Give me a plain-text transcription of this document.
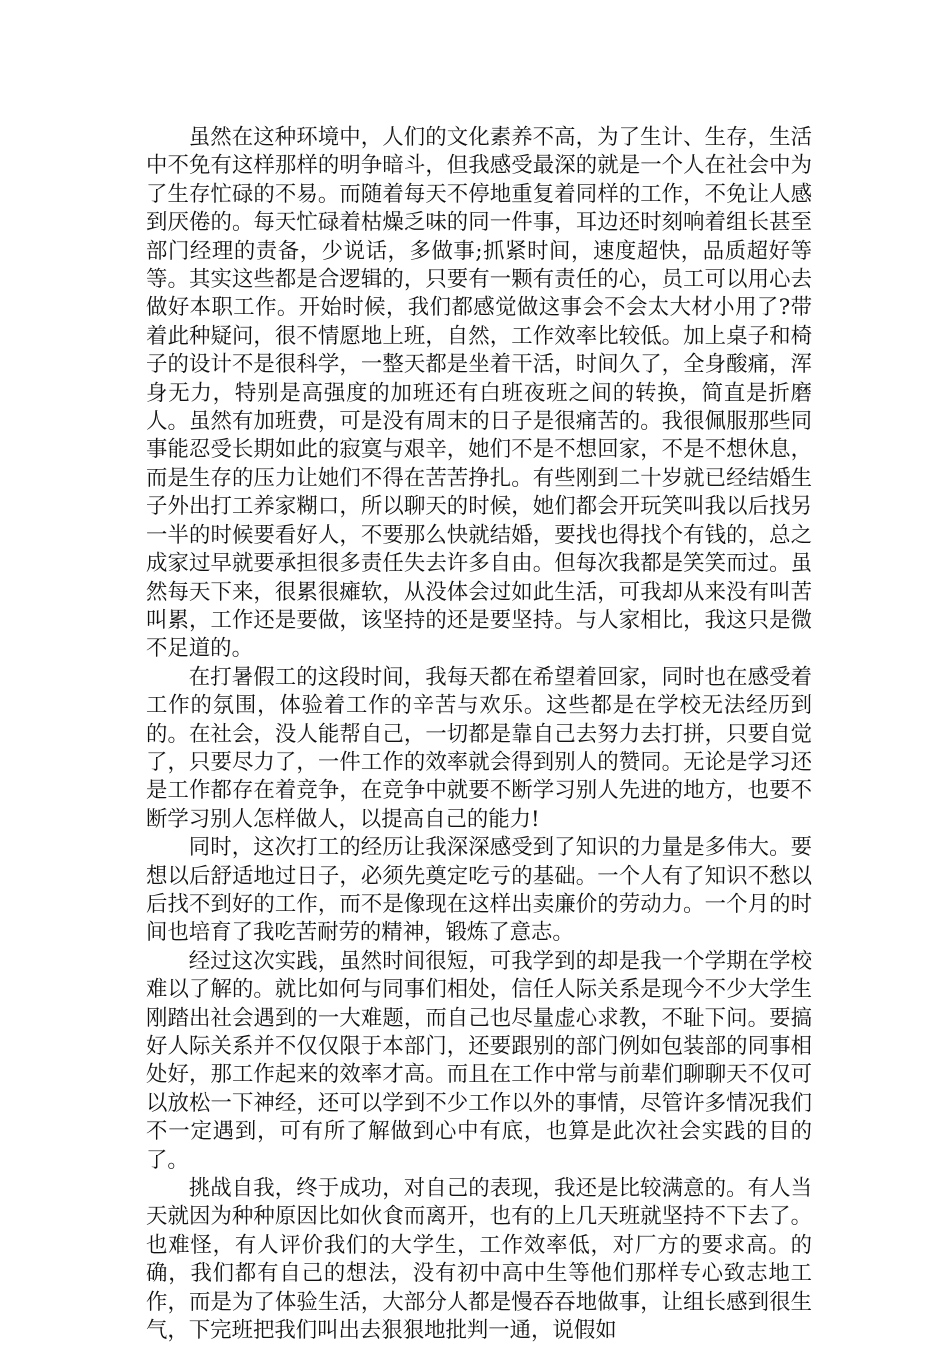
虽然在这种环境中，人们的文化素养不高，为了生计、生存，生活中不免有这样那样的明争暗斗，但我感受最深的就是一个人在社会中为了生存忙碌的不易。而随着每天不停地重复着同样的工作，不免让人感到厌倦的。每天忙碌着枯燥乏味的同一件事，耳边还时刻响着组长甚至部门经理的责备，少说话，多做事;抓紧时间，速度超快，品质超好等等。其实这些都是合逻辑的，只要有一颗有责任的心，员工可以用心去做好本职工作。开始时候，我们都感觉做这事会不会太大材小用了?带着此种疑问，很不情愿地上班，自然，工作效率比较低。加上桌子和椅子的设计不是很科学，一整天都是坐着干活，时间久了，全身酸痛，浑身无力，特别是高强度的加班还有白班夜班之间的转换，简直是折磨人。虽然有加班费，可是没有周末的日子是很痛苦的。我很佩服那些同事能忍受长期如此的寂寞与艰辛，她们不是不想回家，不是不想休息，而是生存的压力让她们不得在苦苦挣扎。有些刚到二十岁就已经结婚生子外出打工养家糊口，所以聊天的时候，她们都会开玩笑叫我以后找另一半的时候要看好人，不要那么快就结婚，要找也得找个有钱的，总之成家过早就要承担很多责任失去许多自由。但每次我都是笑笑而过。虽然每天下来，很累很瘫软，从没体会过如此生活，可我却从来没有叫苦叫累，工作还是要做，该坚持的还是要坚持。与人家相比，我这只是微不足道的。

在打暑假工的这段时间，我每天都在希望着回家，同时也在感受着工作的氛围，体验着工作的辛苦与欢乐。这些都是在学校无法经历到的。在社会，没人能帮自己，一切都是靠自己去努力去打拼，只要自觉了，只要尽力了，一件工作的效率就会得到别人的赞同。无论是学习还是工作都存在着竞争，在竞争中就要不断学习别人先进的地方，也要不断学习别人怎样做人，以提高自己的能力!

同时，这次打工的经历让我深深感受到了知识的力量是多伟大。要想以后舒适地过日子，必须先奠定吃亏的基础。一个人有了知识不愁以后找不到好的工作，而不是像现在这样出卖廉价的劳动力。一个月的时间也培育了我吃苦耐劳的精神，锻炼了意志。

经过这次实践，虽然时间很短，可我学到的却是我一个学期在学校难以了解的。就比如何与同事们相处，信任人际关系是现今不少大学生刚踏出社会遇到的一大难题，而自己也尽量虚心求教，不耻下问。要搞好人际关系并不仅仅限于本部门，还要跟别的部门例如包装部的同事相处好，那工作起来的效率才高。而且在工作中常与前辈们聊聊天不仅可以放松一下神经，还可以学到不少工作以外的事情，尽管许多情况我们不一定遇到，可有所了解做到心中有底，也算是此次社会实践的目的了。

挑战自我，终于成功，对自己的表现，我还是比较满意的。有人当天就因为种种原因比如伙食而离开，也有的上几天班就坚持不下去了。也难怪，有人评价我们的大学生，工作效率低，对厂方的要求高。的确，我们都有自己的想法，没有初中高中生等他们那样专心致志地工作，而是为了体验生活，大部分人都是慢吞吞地做事，让组长感到很生气，下完班把我们叫出去狠狠地批判一通，说假如
